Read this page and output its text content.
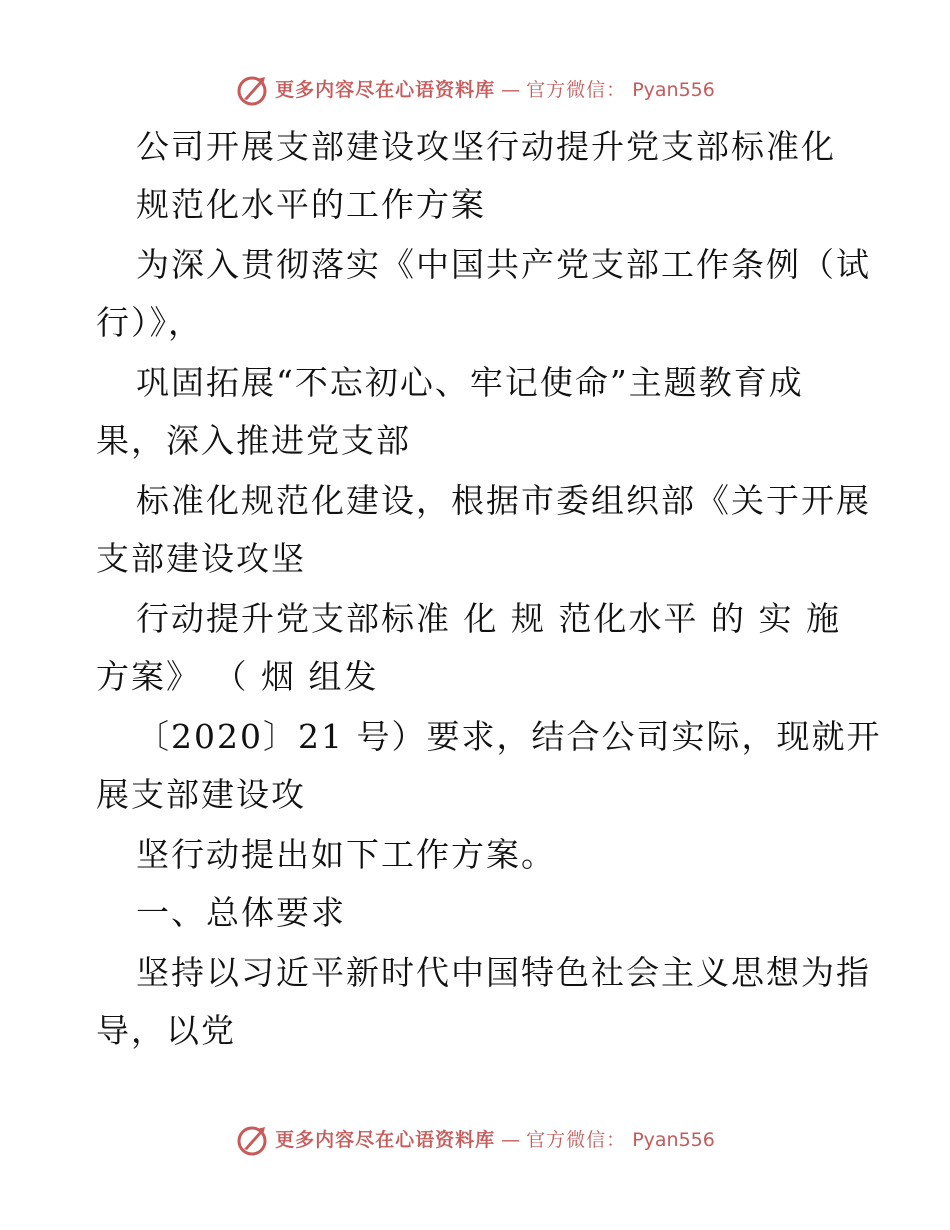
更多内容尽在心语资料库 — 官方微信： Pyan556
公司开展支部建设攻坚行动提升党支部标准化
规范化水平的工作方案
为深入贯彻落实《中国共产党支部工作条例（试
行）》，
巩固拓展“不忘初心、牢记使命”主题教育成
果，深入推进党支部
标准化规范化建设，根据市委组织部《关于开展
支部建设攻坚
行动提升党支部标准 化 规 范化水平 的 实 施
方案》 （ 烟 组发
〔2020〕21 号）要求，结合公司实际，现就开
展支部建设攻
坚行动提出如下工作方案。
一、总体要求
坚持以习近平新时代中国特色社会主义思想为指
导，以党
更多内容尽在心语资料库 — 官方微信： Pyan556
